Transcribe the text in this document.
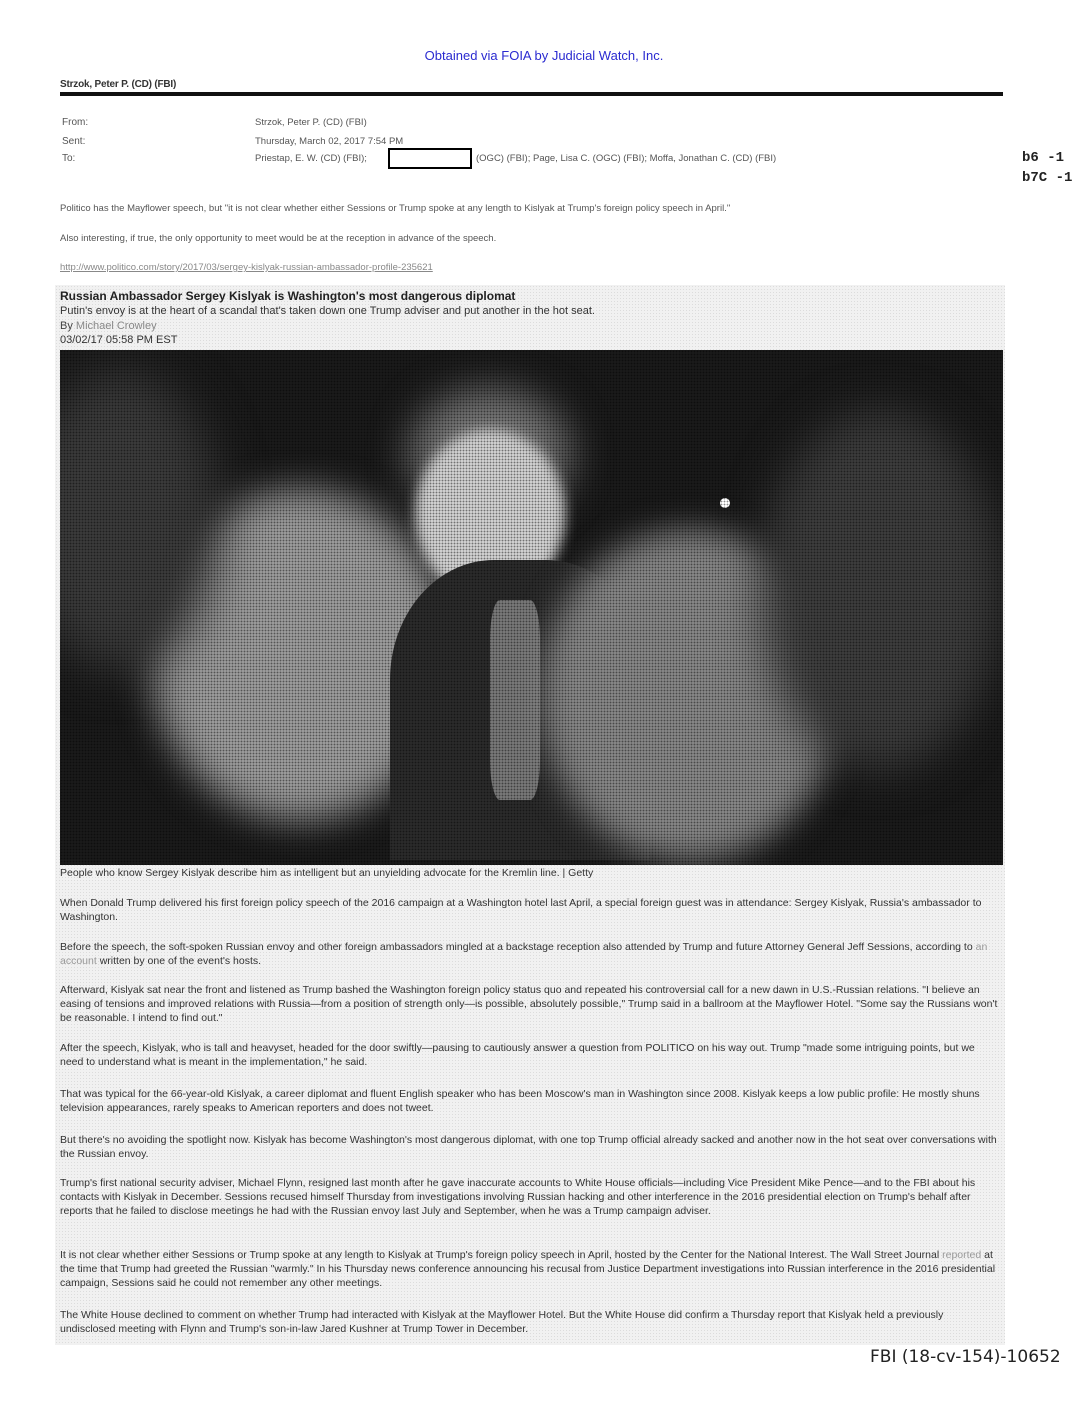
Obtained via FOIA by Judicial Watch, Inc.
Strzok, Peter P. (CD) (FBI)
From:	Strzok, Peter P. (CD) (FBI)
Sent:	Thursday, March 02, 2017 7:54 PM
To:	Priestap, E. W. (CD) (FBI);	(OGC) (FBI); Page, Lisa C. (OGC) (FBI); Moffa, Jonathan C. (CD) (FBI)	b6 -1
b7C -1
Politico has the Mayflower speech, but "it is not clear whether either Sessions or Trump spoke at any length to Kislyak at Trump's foreign policy speech in April."
Also interesting, if true, the only opportunity to meet would be at the reception in advance of the speech.
http://www.politico.com/story/2017/03/sergey-kislyak-russian-ambassador-profile-235621
Russian Ambassador Sergey Kislyak is Washington's most dangerous diplomat
Putin's envoy is at the heart of a scandal that's taken down one Trump adviser and put another in the hot seat.
By Michael Crowley
03/02/17 05:58 PM EST
People who know Sergey Kislyak describe him as intelligent but an unyielding advocate for the Kremlin line. | Getty
When Donald Trump delivered his first foreign policy speech of the 2016 campaign at a Washington hotel last April, a special foreign guest was in attendance: Sergey Kislyak, Russia's ambassador to Washington.
Before the speech, the soft-spoken Russian envoy and other foreign ambassadors mingled at a backstage reception also attended by Trump and future Attorney General Jeff Sessions, according to an account written by one of the event's hosts.
Afterward, Kislyak sat near the front and listened as Trump bashed the Washington foreign policy status quo and repeated his controversial call for a new dawn in U.S.-Russian relations. "I believe an easing of tensions and improved relations with Russia—from a position of strength only—is possible, absolutely possible," Trump said in a ballroom at the Mayflower Hotel. "Some say the Russians won't be reasonable. I intend to find out."
After the speech, Kislyak, who is tall and heavyset, headed for the door swiftly—pausing to cautiously answer a question from POLITICO on his way out. Trump "made some intriguing points, but we need to understand what is meant in the implementation," he said.
That was typical for the 66-year-old Kislyak, a career diplomat and fluent English speaker who has been Moscow's man in Washington since 2008. Kislyak keeps a low public profile: He mostly shuns television appearances, rarely speaks to American reporters and does not tweet.
But there's no avoiding the spotlight now. Kislyak has become Washington's most dangerous diplomat, with one top Trump official already sacked and another now in the hot seat over conversations with the Russian envoy.
Trump's first national security adviser, Michael Flynn, resigned last month after he gave inaccurate accounts to White House officials—including Vice President Mike Pence—and to the FBI about his contacts with Kislyak in December. Sessions recused himself Thursday from investigations involving Russian hacking and other interference in the 2016 presidential election on Trump's behalf after reports that he failed to disclose meetings he had with the Russian envoy last July and September, when he was a Trump campaign adviser.
It is not clear whether either Sessions or Trump spoke at any length to Kislyak at Trump's foreign policy speech in April, hosted by the Center for the National Interest. The Wall Street Journal reported at the time that Trump had greeted the Russian "warmly." In his Thursday news conference announcing his recusal from Justice Department investigations into Russian interference in the 2016 presidential campaign, Sessions said he could not remember any other meetings.
The White House declined to comment on whether Trump had interacted with Kislyak at the Mayflower Hotel. But the White House did confirm a Thursday report that Kislyak held a previously undisclosed meeting with Flynn and Trump's son-in-law Jared Kushner at Trump Tower in December.
FBI (18-cv-154)-10652
